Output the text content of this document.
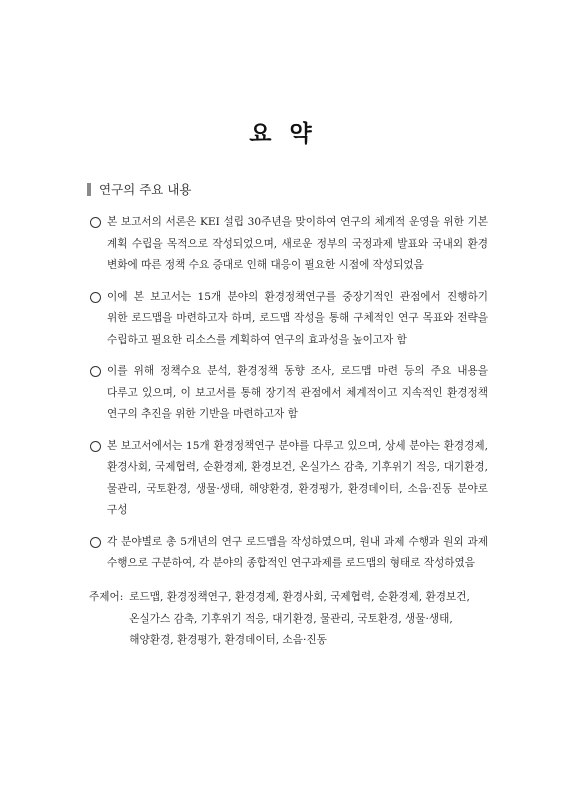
요 약
연구의 주요 내용
본 보고서의 서론은 KEI 설립 30주년을 맞이하여 연구의 체계적 운영을 위한 기본 계획 수립을 목적으로 작성되었으며, 새로운 정부의 국정과제 발표와 국내외 환경 변화에 따른 정책 수요 증대로 인해 대응이 필요한 시점에 작성되었음
이에 본 보고서는 15개 분야의 환경정책연구를 중장기적인 관점에서 진행하기 위한 로드맵을 마련하고자 하며, 로드맵 작성을 통해 구체적인 연구 목표와 전략을 수립하고 필요한 리소스를 계획하여 연구의 효과성을 높이고자 함
이를 위해 정책수요 분석, 환경정책 동향 조사, 로드맵 마련 등의 주요 내용을 다루고 있으며, 이 보고서를 통해 장기적 관점에서 체계적이고 지속적인 환경정책 연구의 추진을 위한 기반을 마련하고자 함
본 보고서에서는 15개 환경정책연구 분야를 다루고 있으며, 상세 분야는 환경경제, 환경사회, 국제협력, 순환경제, 환경보건, 온실가스 감축, 기후위기 적응, 대기환경, 물관리, 국토환경, 생물·생태, 해양환경, 환경평가, 환경데이터, 소음·진동 분야로 구성
각 분야별로 총 5개년의 연구 로드맵을 작성하였으며, 원내 과제 수행과 원외 과제 수행으로 구분하여, 각 분야의 종합적인 연구과제를 로드맵의 형태로 작성하였음
주제어: 로드맵, 환경정책연구, 환경경제, 환경사회, 국제협력, 순환경제, 환경보건, 온실가스 감축, 기후위기 적응, 대기환경, 물관리, 국토환경, 생물·생태, 해양환경, 환경평가, 환경데이터, 소음·진동
